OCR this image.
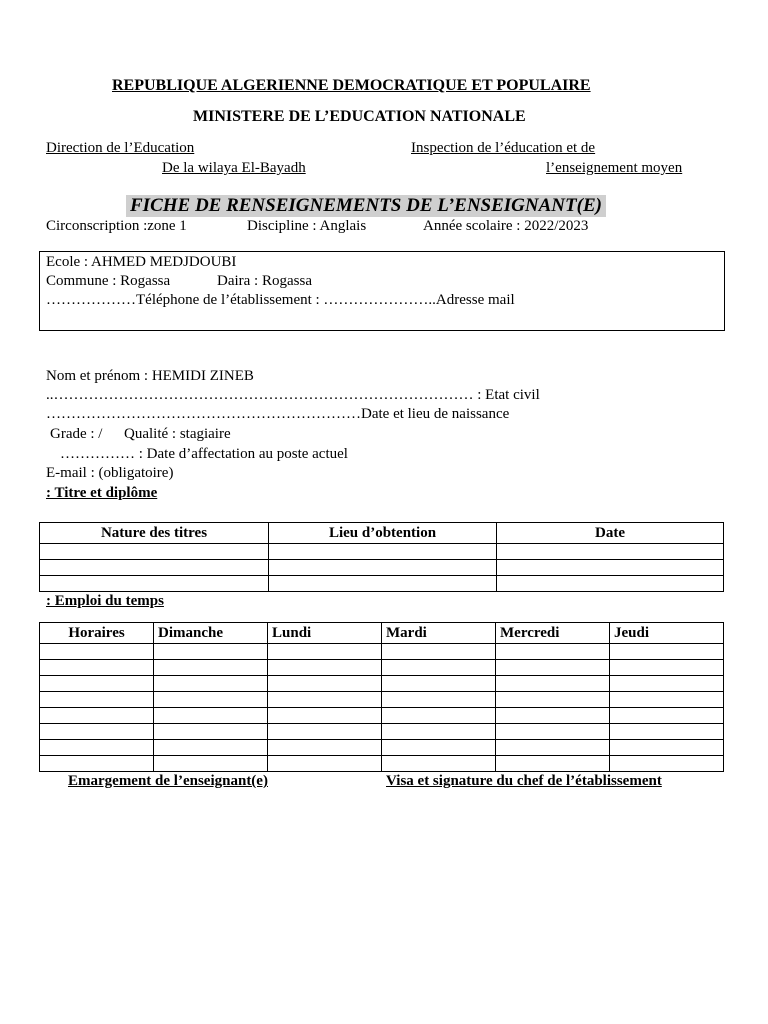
REPUBLIQUE ALGERIENNE DEMOCRATIQUE ET POPULAIRE
MINISTERE DE L’EDUCATION NATIONALE
Direction de l’Education
De la wilaya El-Bayadh
Inspection de l’éducation et de
l’enseignement moyen
FICHE DE RENSEIGNEMENTS DE L’ENSEIGNANT(E)
Circonscription :zone 1	Discipline : Anglais	Année scolaire : 2022/2023
Ecole : AHMED MEDJDOUBI
Commune : Rogassa	Daira : Rogassa
………………Téléphone de l’établissement : …………………..Adresse mail
Nom et prénom : HEMIDI ZINEB
..………………………………………………………………………… : Etat civil
………………………………………………………Date et lieu de naissance
Grade : / Qualité : stagiaire
…………… : Date d’affectation au poste actuel
E-mail : (obligatoire)
: Titre et diplôme
Nature des titres	Lieu d’obtention	Date

: Emploi du temps
Horaires	Dimanche	Lundi	Mardi	Mercredi	Jeudi

Emargement de l’enseignant(e)	Visa et signature du chef de l’établissement
